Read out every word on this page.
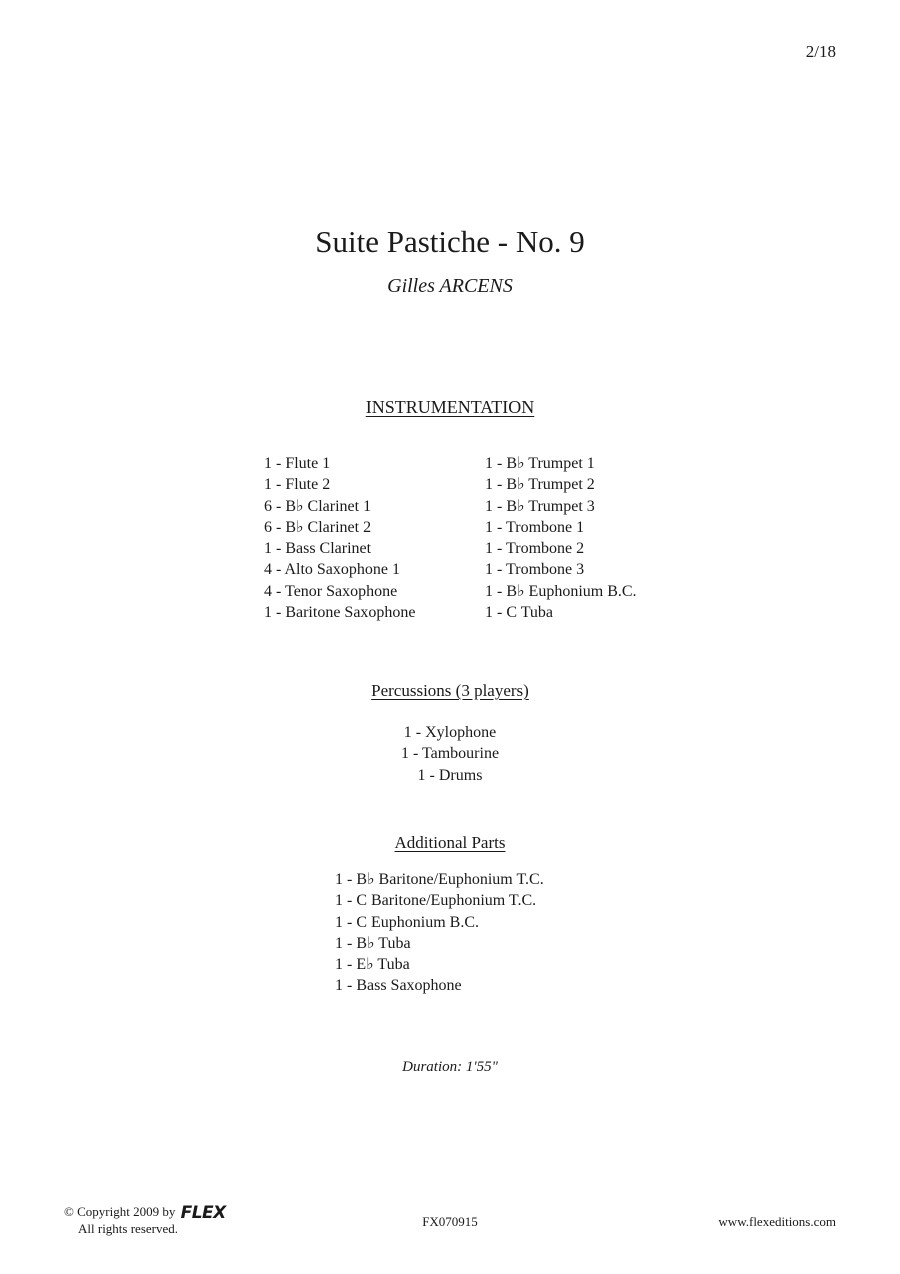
2/18
Suite Pastiche - No. 9
Gilles ARCENS
INSTRUMENTATION
1 - Flute 1
1 - Flute 2
6 - B♭ Clarinet 1
6 - B♭ Clarinet 2
1 - Bass Clarinet
4 - Alto Saxophone 1
4 - Tenor Saxophone
1 - Baritone Saxophone
1 - B♭ Trumpet 1
1 - B♭ Trumpet 2
1 - B♭ Trumpet 3
1 - Trombone 1
1 - Trombone 2
1 - Trombone 3
1 - B♭ Euphonium B.C.
1 - C Tuba
Percussions (3 players)
1 - Xylophone
1 - Tambourine
1 - Drums
Additional Parts
1 - B♭ Baritone/Euphonium T.C.
1 - C Baritone/Euphonium T.C.
1 - C Euphonium B.C.
1 - B♭ Tuba
1 - E♭ Tuba
1 - Bass Saxophone
Duration: 1'55"
© Copyright 2009 by FLEX
All rights reserved.	FX070915	www.flexeditions.com
